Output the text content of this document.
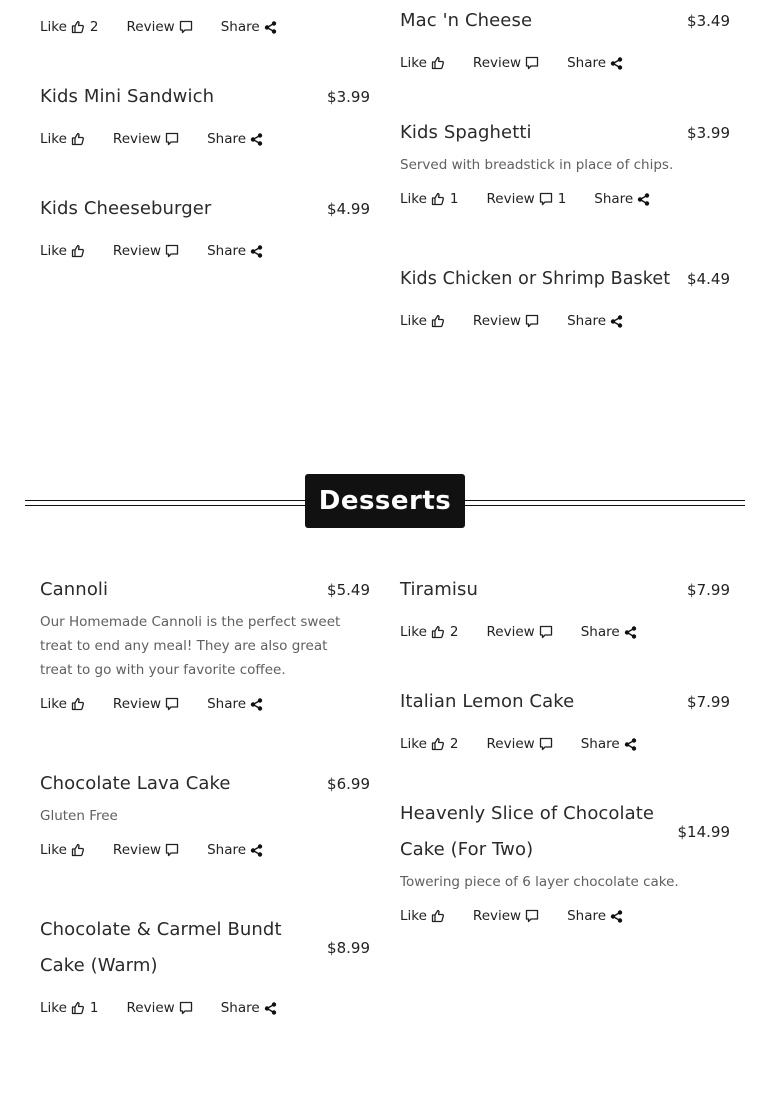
Like 2 Review	Share	Mac 'n Cheese	$3.49
Like	Review	Share
Kids Mini Sandwich	$3.99
Like	Review	Share	Kids Spaghetti	$3.99
Served with breadstick in place of chips.
Like 1 Review 1 Share
Kids Cheeseburger	$4.99
Like	Review	Share
Kids Chicken or Shrimp Basket $4.49
Like	Review	Share
Desserts
Cannoli	$5.49
Our Homemade Cannoli is the perfect sweet treat to end any meal! They are also great treat to go with your favorite coffee.
Like	Review	Share
Tiramisu	$7.99
Like 2 Review	Share
Italian Lemon Cake	$7.99
Like 2 Review	Share
Chocolate Lava Cake	$6.99
Gluten Free
Like	Review	Share
Heavenly Slice of Chocolate Cake (For Two)
$14.99
Towering piece of 6 layer chocolate cake.
Like	Review	Share
Chocolate & Carmel Bundt Cake (Warm)
$8.99
Like 1 Review	Share
